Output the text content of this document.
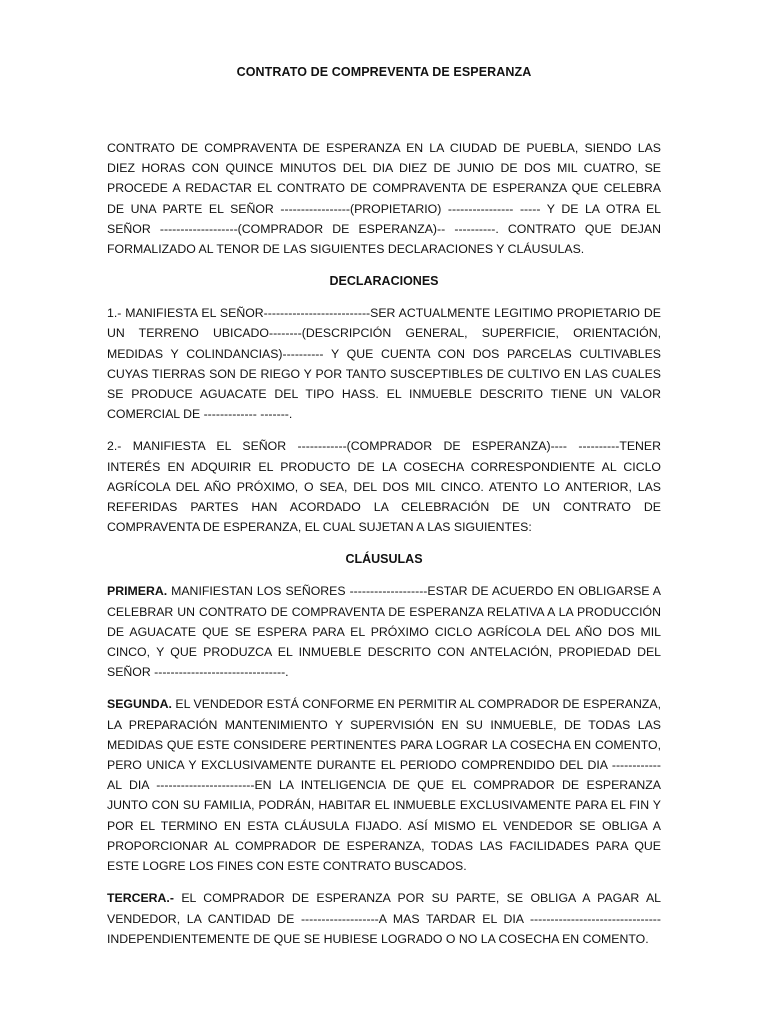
CONTRATO DE COMPREVENTA DE ESPERANZA

CONTRATO DE COMPRAVENTA DE ESPERANZA EN LA CIUDAD DE PUEBLA, SIENDO LAS DIEZ HORAS CON QUINCE MINUTOS DEL DIA DIEZ DE JUNIO DE DOS MIL CUATRO, SE PROCEDE A REDACTAR EL CONTRATO DE COMPRAVENTA DE ESPERANZA QUE CELEBRA DE UNA PARTE EL SEÑOR -----------------(PROPIETARIO) ---------------- ----- Y DE LA OTRA EL SEÑOR -------------------(COMPRADOR DE ESPERANZA)-- ----------. CONTRATO QUE DEJAN FORMALIZADO AL TENOR DE LAS SIGUIENTES DECLARACIONES Y CLÁUSULAS.

DECLARACIONES

1.- MANIFIESTA EL SEÑOR--------------------------SER ACTUALMENTE LEGITIMO PROPIETARIO DE UN TERRENO UBICADO--------(DESCRIPCIÓN GENERAL, SUPERFICIE, ORIENTACIÓN, MEDIDAS Y COLINDANCIAS)---------- Y QUE CUENTA CON DOS PARCELAS CULTIVABLES CUYAS TIERRAS SON DE RIEGO Y POR TANTO SUSCEPTIBLES DE CULTIVO EN LAS CUALES SE PRODUCE AGUACATE DEL TIPO HASS. EL INMUEBLE DESCRITO TIENE UN VALOR COMERCIAL DE ------------- -------.

2.- MANIFIESTA EL SEÑOR ------------(COMPRADOR DE ESPERANZA)---- ----------TENER INTERÉS EN ADQUIRIR EL PRODUCTO DE LA COSECHA CORRESPONDIENTE AL CICLO AGRÍCOLA DEL AÑO PRÓXIMO, O SEA, DEL DOS MIL CINCO. ATENTO LO ANTERIOR, LAS REFERIDAS PARTES HAN ACORDADO LA CELEBRACIÓN DE UN CONTRATO DE COMPRAVENTA DE ESPERANZA, EL CUAL SUJETAN A LAS SIGUIENTES:

CLÁUSULAS

PRIMERA. MANIFIESTAN LOS SEÑORES -------------------ESTAR DE ACUERDO EN OBLIGARSE A CELEBRAR UN CONTRATO DE COMPRAVENTA DE ESPERANZA RELATIVA A LA PRODUCCIÓN DE AGUACATE QUE SE ESPERA PARA EL PRÓXIMO CICLO AGRÍCOLA DEL AÑO DOS MIL CINCO, Y QUE PRODUZCA EL INMUEBLE DESCRITO CON ANTELACIÓN, PROPIEDAD DEL SEÑOR --------------------------------.

SEGUNDA. EL VENDEDOR ESTÁ CONFORME EN PERMITIR AL COMPRADOR DE ESPERANZA, LA PREPARACIÓN MANTENIMIENTO Y SUPERVISIÓN EN SU INMUEBLE, DE TODAS LAS MEDIDAS QUE ESTE CONSIDERE PERTINENTES PARA LOGRAR LA COSECHA EN COMENTO, PERO UNICA Y EXCLUSIVAMENTE DURANTE EL PERIODO COMPRENDIDO DEL DIA ------------ AL DIA ------------------------EN LA INTELIGENCIA DE QUE EL COMPRADOR DE ESPERANZA JUNTO CON SU FAMILIA, PODRÁN, HABITAR EL INMUEBLE EXCLUSIVAMENTE PARA EL FIN Y POR EL TERMINO EN ESTA CLÁUSULA FIJADO. ASÍ MISMO EL VENDEDOR SE OBLIGA A PROPORCIONAR AL COMPRADOR DE ESPERANZA, TODAS LAS FACILIDADES PARA QUE ESTE LOGRE LOS FINES CON ESTE CONTRATO BUSCADOS.

TERCERA.- EL COMPRADOR DE ESPERANZA POR SU PARTE, SE OBLIGA A PAGAR AL VENDEDOR, LA CANTIDAD DE -------------------A MAS TARDAR EL DIA -------------------------------- INDEPENDIENTEMENTE DE QUE SE HUBIESE LOGRADO O NO LA COSECHA EN COMENTO.
